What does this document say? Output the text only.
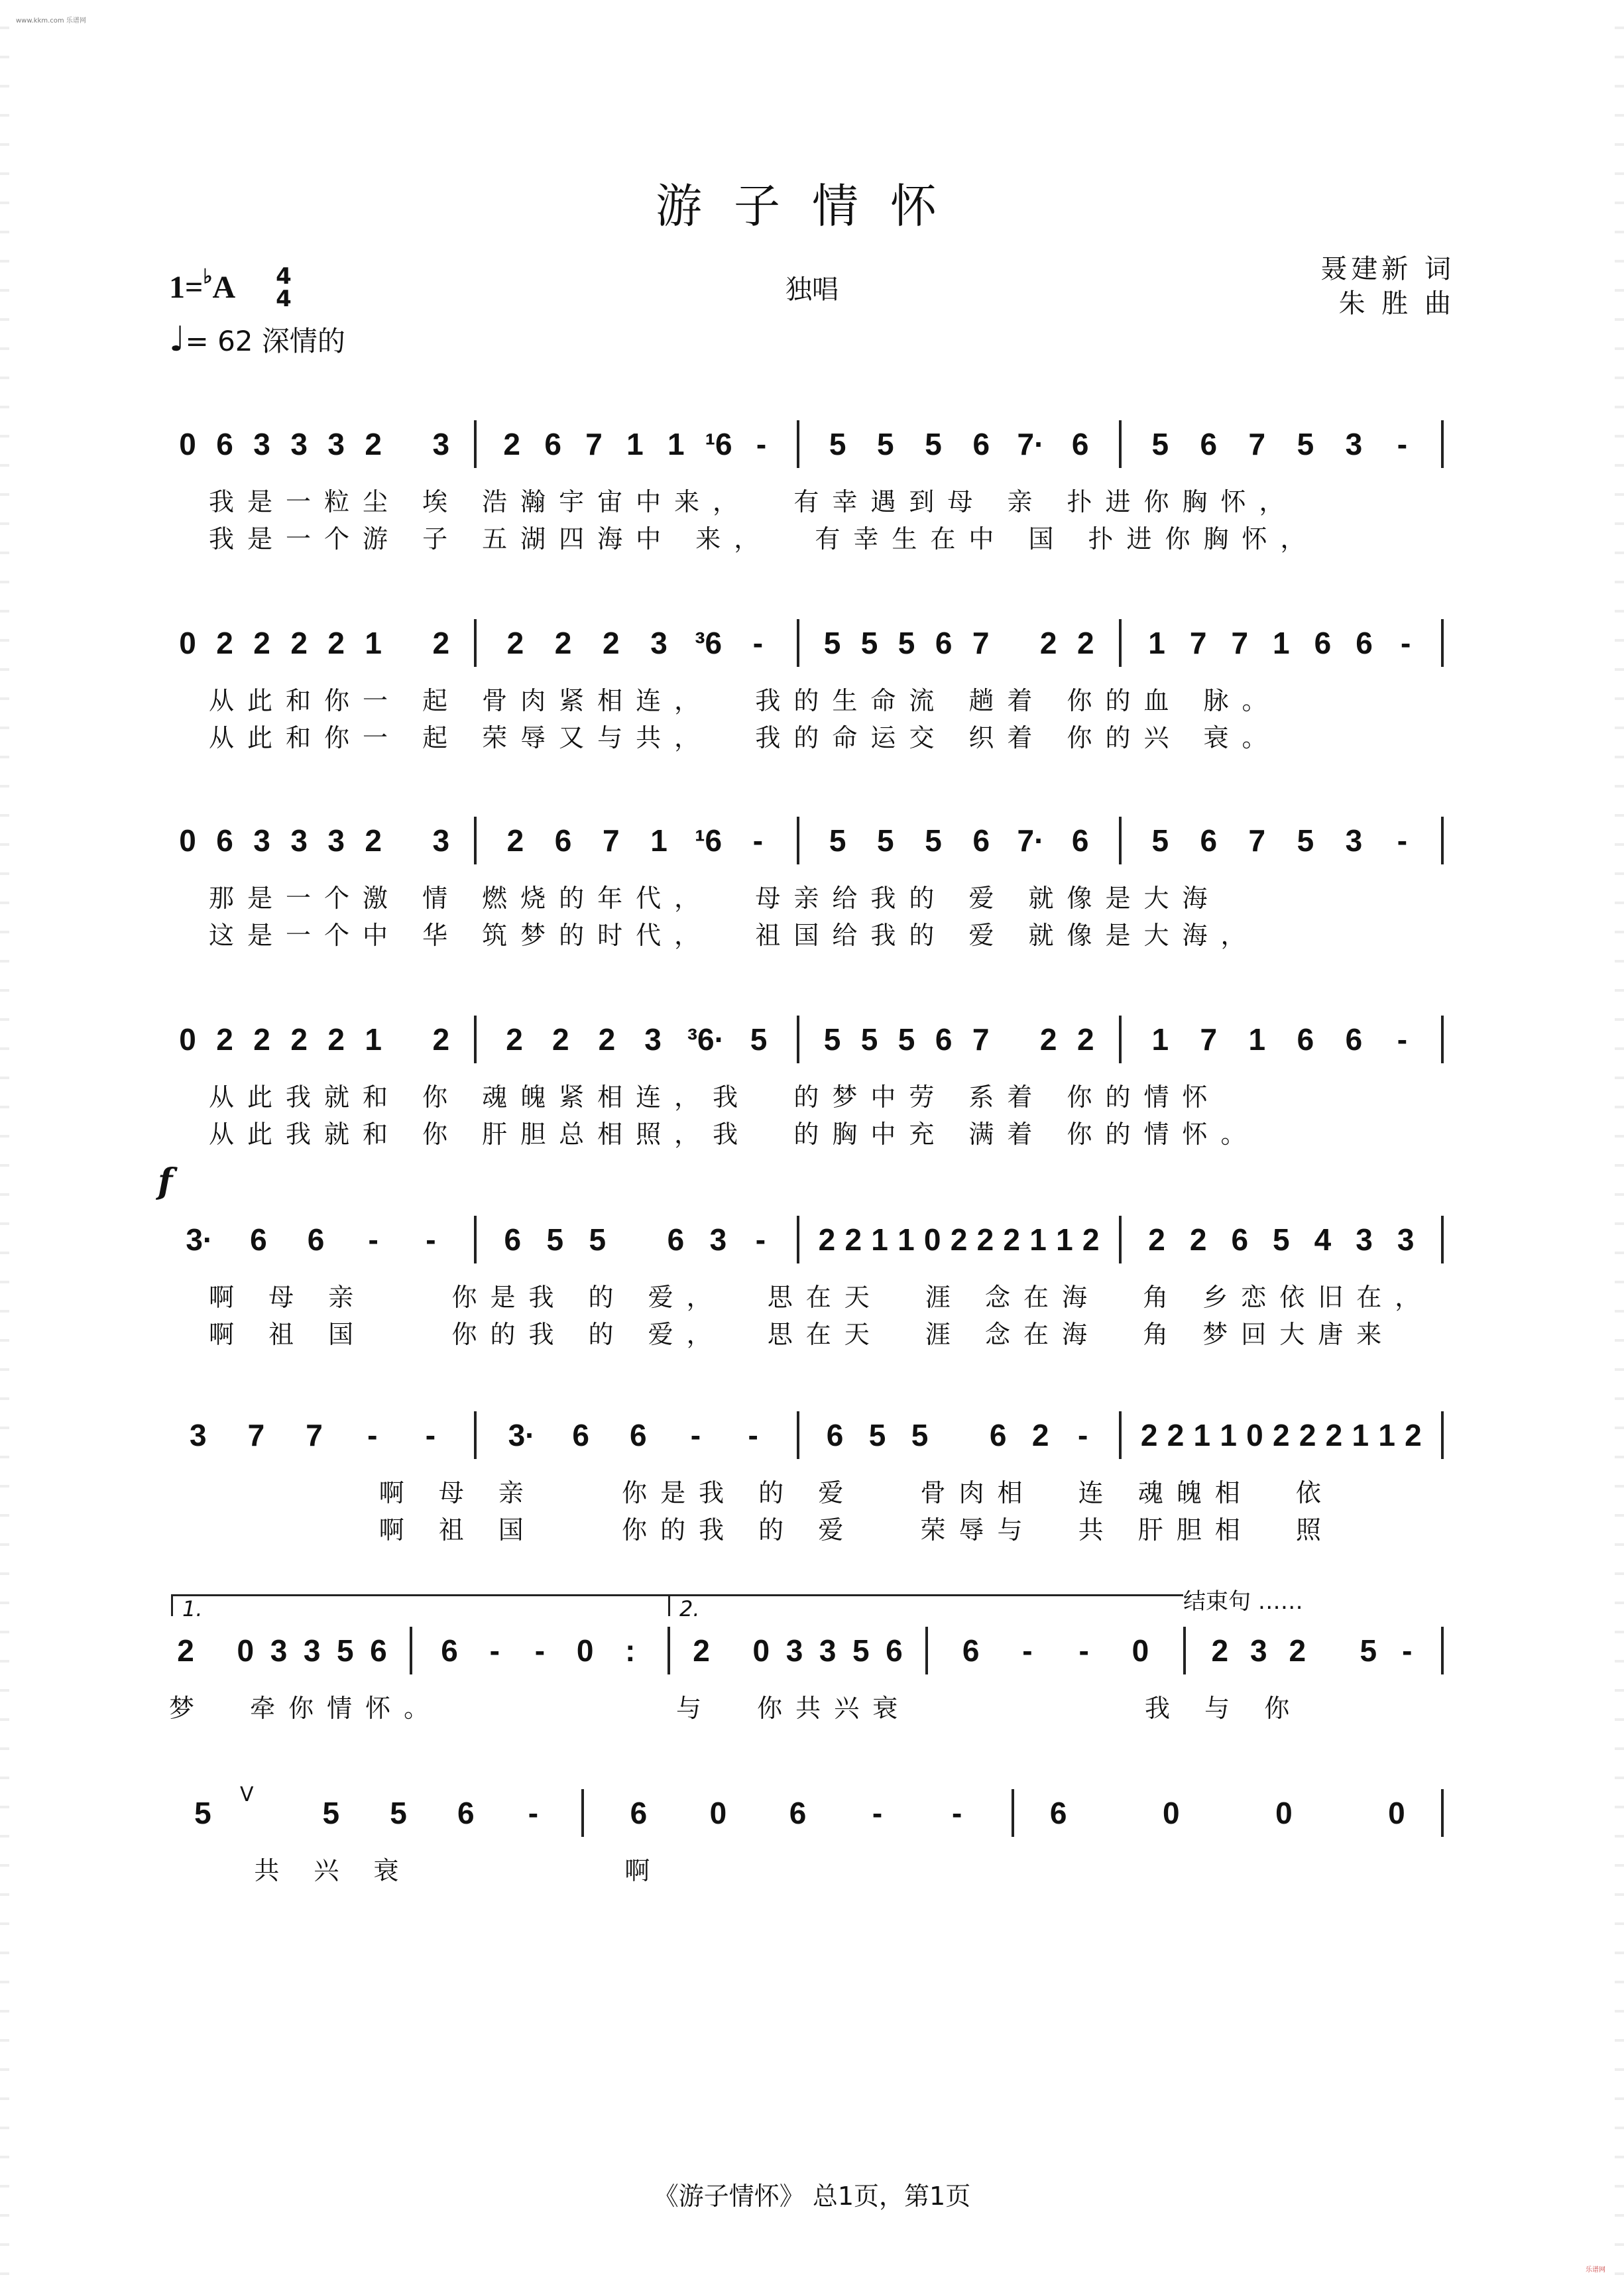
www.kkm.com 乐谱网
乐谱网
游子情怀
1=♭A 4
4
♩= 62 深情的
独唱
聂建新 词
朱 胜 曲
f
结束句 ……
1.	2.
V
0 6 3 3 3 2 3 2 6 7 1 1 ¹6 - 5 5 5 6 7· 6 5 6 7 5 3 -
我是一粒尘 埃 浩瀚宇宙中来，  有幸遇到母 亲 扑进你胸怀，
我是一个游 子 五湖四海中 来，  有幸生在中 国 扑进你胸怀，
0 2 2 2 2 1 2 2 2 2 3 ³6 - 5 5 5 6 7 2 2 1 7 7 1 6 6 -
从此和你一 起 骨肉紧相连，  我的生命流 趟着 你的血 脉。
从此和你一 起 荣辱又与共，  我的命运交 织着 你的兴 衰。
0 6 3 3 3 2 3 2 6 7 1 ¹6 - 5 5 5 6 7· 6 5 6 7 5 3 -
那是一个激 情 燃烧的年代，  母亲给我的 爱 就像是大海
这是一个中 华 筑梦的时代，  祖国给我的 爱 就像是大海，
0 2 2 2 2 1 2 2 2 2 3 ³6· 5 5 5 5 6 7 2 2 1 7 1 6 6 -
从此我就和 你 魂魄紧相连，我  的梦中劳 系着 你的情怀
从此我就和 你 肝胆总相照，我  的胸中充 满着 你的情怀。
3· 6 6 - - 6 5 5 6 3 - 2 2 1 1 0 2 2 2 1 1 2 2 2 6 5 4 3 3
啊 母 亲    你是我 的 爱，  思在天  涯 念在海  角 乡恋依旧在，
啊 祖 国    你的我 的 爱，  思在天  涯 念在海  角 梦回大唐来
3 7 7 - - 3· 6 6 - - 6 5 5 6 2 - 2 2 1 1 0 2 2 2 1 1 2
啊 母 亲    你是我 的 爱   骨肉相  连 魂魄相  依
啊 祖 国    你的我 的 爱   荣辱与  共 肝胆相  照
2 0 3 3 5 6 6 - - 0 : 2 0 3 3 5 6 6 - - 0 2 3 2 5 -
梦  牵你情怀。           与  你共兴衰           我 与 你
5	5 5 6 -	6 0 6 - -	6	0	0	0
共 兴 衰          啊
《游子情怀》 总1页，第1页
